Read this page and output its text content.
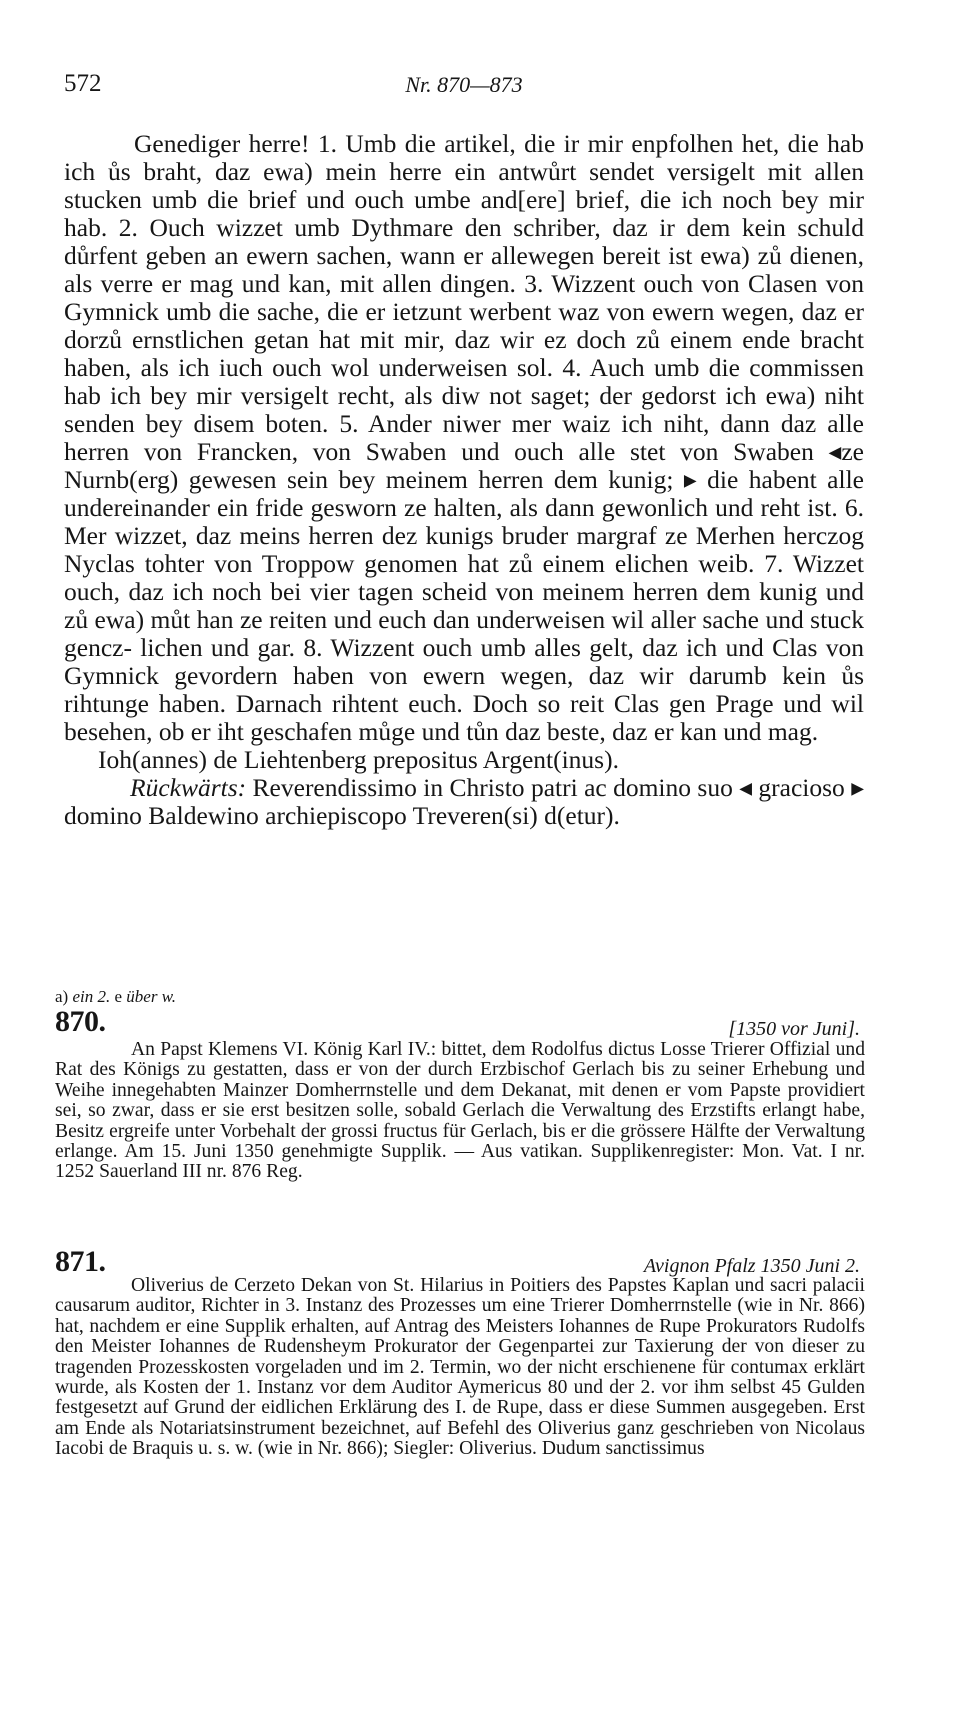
572	Nr. 870—873

Genediger herre! 1. Umb die artikel, die ir mir enpfolhen het, die hab ich ůs braht, daz ewa) mein herre ein antwůrt sendet versigelt mit allen stucken umb die brief und ouch umbe and[ere] brief, die ich noch bey mir hab. 2. Ouch wizzet umb Dythmare den schriber, daz ir dem kein schuld důrfent geben an ewern sachen, wann er allewegen bereit ist ewa) zů dienen, als verre er mag und kan, mit allen dingen. 3. Wizzent ouch von Clasen von Gymnick umb die sache, die er ietzunt werbent waz von ewern wegen, daz er dorzů ernstlichen getan hat mit mir, daz wir ez doch zů einem ende bracht haben, als ich iuch ouch wol underweisen sol. 4. Auch umb die commissen hab ich bey mir versigelt recht, als diw not saget; der gedorst ich ewa) niht senden bey disem boten. 5. Ander niwer mer waiz ich niht, dann daz alle herren von Francken, von Swaben und ouch alle stet von Swaben ◂ze Nurnb(erg) gewesen sein bey meinem herren dem kunig; ▸ die habent alle undereinander ein fride gesworn ze halten, als dann gewonlich und reht ist. 6. Mer wizzet, daz meins herren dez kunigs bruder margraf ze Merhen herczog Nyclas tohter von Troppow genomen hat zů einem elichen weib. 7. Wizzet ouch, daz ich noch bei vier tagen scheid von meinem herren dem kunig und zů ewa) můt han ze reiten und euch dan underweisen wil aller sache und stuck gencz- lichen und gar. 8. Wizzent ouch umb alles gelt, daz ich und Clas von Gymnick gevordern haben von ewern wegen, daz wir darumb kein ůs rihtunge haben. Darnach rihtent euch. Doch so reit Clas gen Prage und wil besehen, ob er iht geschafen můge und tůn daz beste, daz er kan und mag.

Ioh(annes) de Liehtenberg prepositus Argent(inus).

Rückwärts: Reverendissimo in Christo patri ac domino suo ◂ gracioso ▸ domino Baldewino archiepiscopo Treveren(si) d(etur).

a) ein 2. e über w.
870.	[1350 vor Juni].

An Papst Klemens VI. König Karl IV.: bittet, dem Rodolfus dictus Losse Trierer Offizial und Rat des Königs zu gestatten, dass er von der durch Erzbischof Gerlach bis zu seiner Erhebung und Weihe innegehabten Mainzer Domherrnstelle und dem Dekanat, mit denen er vom Papste providiert sei, so zwar, dass er sie erst besitzen solle, sobald Gerlach die Verwaltung des Erzstifts erlangt habe, Besitz ergreife unter Vorbehalt der grossi fructus für Gerlach, bis er die grössere Hälfte der Verwaltung erlange. Am 15. Juni 1350 genehmigte Supplik. — Aus vatikan. Supplikenregister: Mon. Vat. I nr. 1252 Sauerland III nr. 876 Reg.

871.	Avignon Pfalz 1350 Juni 2.

Oliverius de Cerzeto Dekan von St. Hilarius in Poitiers des Papstes Kaplan und sacri palacii causarum auditor, Richter in 3. Instanz des Prozesses um eine Trierer Domherrnstelle (wie in Nr. 866) hat, nachdem er eine Supplik erhalten, auf Antrag des Meisters Iohannes de Rupe Prokurators Rudolfs den Meister Iohannes de Rudensheym Prokurator der Gegenpartei zur Taxierung der von dieser zu tragenden Prozesskosten vorgeladen und im 2. Termin, wo der nicht erschienene für contumax erklärt wurde, als Kosten der 1. Instanz vor dem Auditor Aymericus 80 und der 2. vor ihm selbst 45 Gulden festgesetzt auf Grund der eidlichen Erklärung des I. de Rupe, dass er diese Summen ausgegeben. Erst am Ende als Notariatsinstrument bezeichnet, auf Befehl des Oliverius ganz geschrieben von Nicolaus Iacobi de Braquis u. s. w. (wie in Nr. 866); Siegler: Oliverius. Dudum sanctissimus
